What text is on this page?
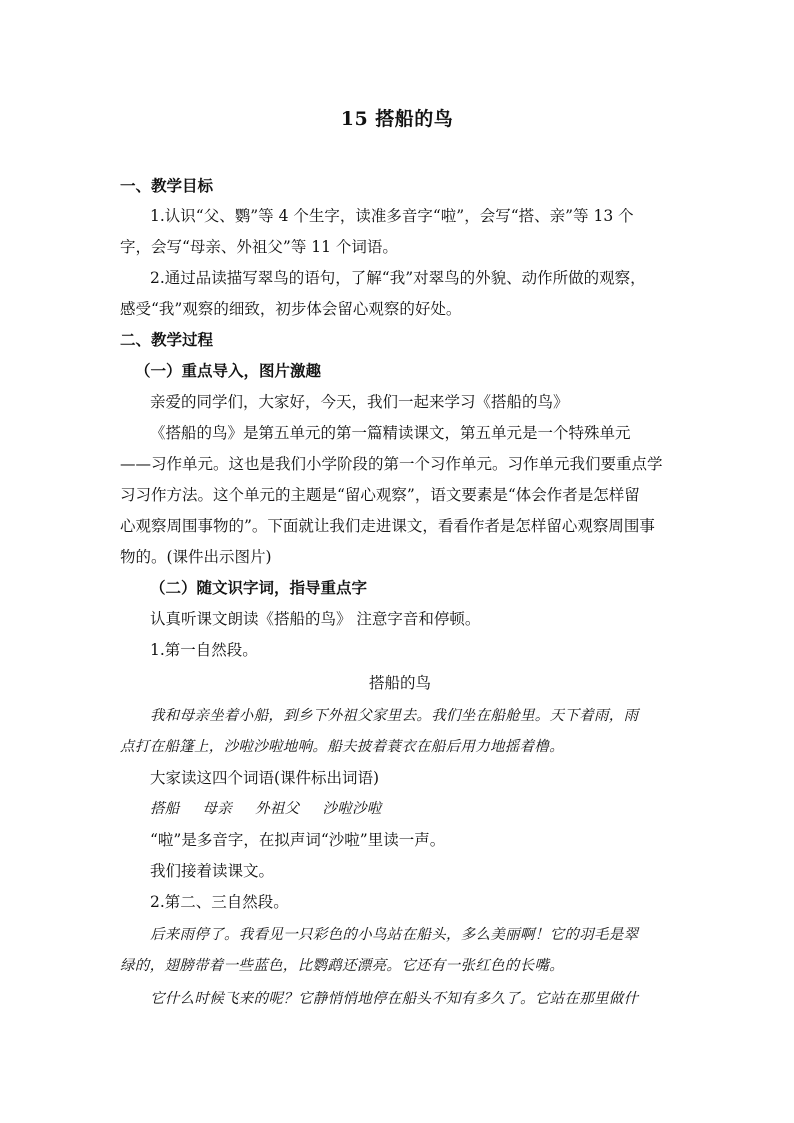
15 搭船的鸟
一、教学目标
1.认识“父、鹦”等 4 个生字，读准多音字“啦”，会写“搭、亲”等 13 个
字，会写“母亲、外祖父”等 11 个词语。
2.通过品读描写翠鸟的语句，了解“我”对翠鸟的外貌、动作所做的观察，
感受“我”观察的细致，初步体会留心观察的好处。
二、教学过程
（一）重点导入，图片激趣
亲爱的同学们，大家好，今天，我们一起来学习《搭船的鸟》
《搭船的鸟》是第五单元的第一篇精读课文，第五单元是一个特殊单元
——习作单元。这也是我们小学阶段的第一个习作单元。习作单元我们要重点学
习习作方法。这个单元的主题是“留心观察”，语文要素是“体会作者是怎样留
心观察周围事物的”。下面就让我们走进课文，看看作者是怎样留心观察周围事
物的。(课件出示图片)
（二）随文识字词，指导重点字
认真听课文朗读《搭船的鸟》 注意字音和停顿。
1.第一自然段。
搭船的鸟
我和母亲坐着小船，到乡下外祖父家里去。我们坐在船舱里。天下着雨，雨
点打在船篷上，沙啦沙啦地响。船夫披着蓑衣在船后用力地摇着橹。
大家读这四个词语(课件标出词语)
搭船 母亲 外祖父 沙啦沙啦
“啦”是多音字，在拟声词“沙啦”里读一声。
我们接着读课文。
2.第二、三自然段。
后来雨停了。我看见一只彩色的小鸟站在船头，多么美丽啊！它的羽毛是翠
绿的，翅膀带着一些蓝色，比鹦鹉还漂亮。它还有一张红色的长嘴。
它什么时候飞来的呢？它静悄悄地停在船头不知有多久了。它站在那里做什
